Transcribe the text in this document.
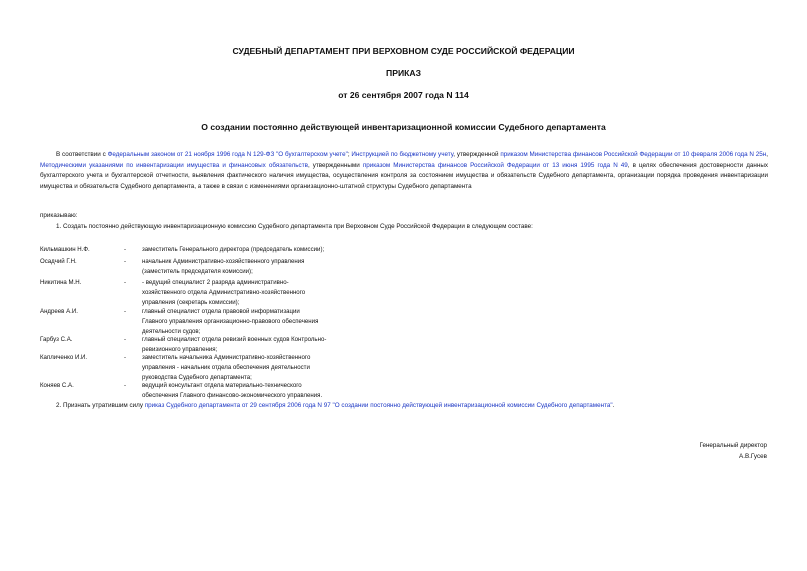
СУДЕБНЫЙ ДЕПАРТАМЕНТ ПРИ ВЕРХОВНОМ СУДЕ РОССИЙСКОЙ ФЕДЕРАЦИИ
ПРИКАЗ
от 26 сентября 2007 года N 114
О создании постоянно действующей инвентаризационной комиссии Судебного департамента
В соответствии с Федеральным законом от 21 ноября 1996 года N 129-ФЗ "О бухгалтерском учете"; Инструкцией по бюджетному учету, утвержденной приказом Министерства финансов Российской Федерации от 10 февраля 2006 года N 25н, Методическими указаниями по инвентаризации имущества и финансовых обязательств, утвержденными приказом Министерства финансов Российской Федерации от 13 июня 1995 года N 49, в целях обеспечения достоверности данных бухгалтерского учета и бухгалтерской отчетности, выявления фактического наличия имущества, осуществления контроля за состоянием имущества и обязательств Судебного департамента, организации порядка проведения инвентаризации имущества и обязательств Судебного департамента, а также в связи с изменениями организационно-штатной структуры Судебного департамента
приказываю:
1. Создать постоянно действующую инвентаризационную комиссию Судебного департамента при Верховном Суде Российской Федерации в следующем составе:
Кильмашкин Н.Ф.	-	заместитель Генерального директора (председатель комиссии);
Осадчий Г.Н.	-	начальник Административно-хозяйственного управления
(заместитель председателя комиссии);
Никитина М.Н.	-	- ведущий специалист 2 разряда административно-
хозяйственного отдела Административно-хозяйственного
управления (секретарь комиссии);
Андреев А.И.	-	главный специалист отдела правовой информатизации
Главного управления организационно-правового обеспечения
деятельности судов;
Гарбуз С.А.	-	главный специалист отдела ревизий военных судов Контрольно-
ревизионного управления;
Капличенко И.И.	-	заместитель начальника Административно-хозяйственного
управления - начальник отдела обеспечения деятельности
руководства Судебного департамента;
Коняев С.А.	-	ведущий консультант отдела материально-технического
обеспечения Главного финансово-экономического управления.
2. Признать утратившим силу приказ Судебного департамента от 29 сентября 2006 года N 97 "О создании постоянно действующей инвентаризационной комиссии Судебного департамента".
Генеральный директор
А.В.Гусев
